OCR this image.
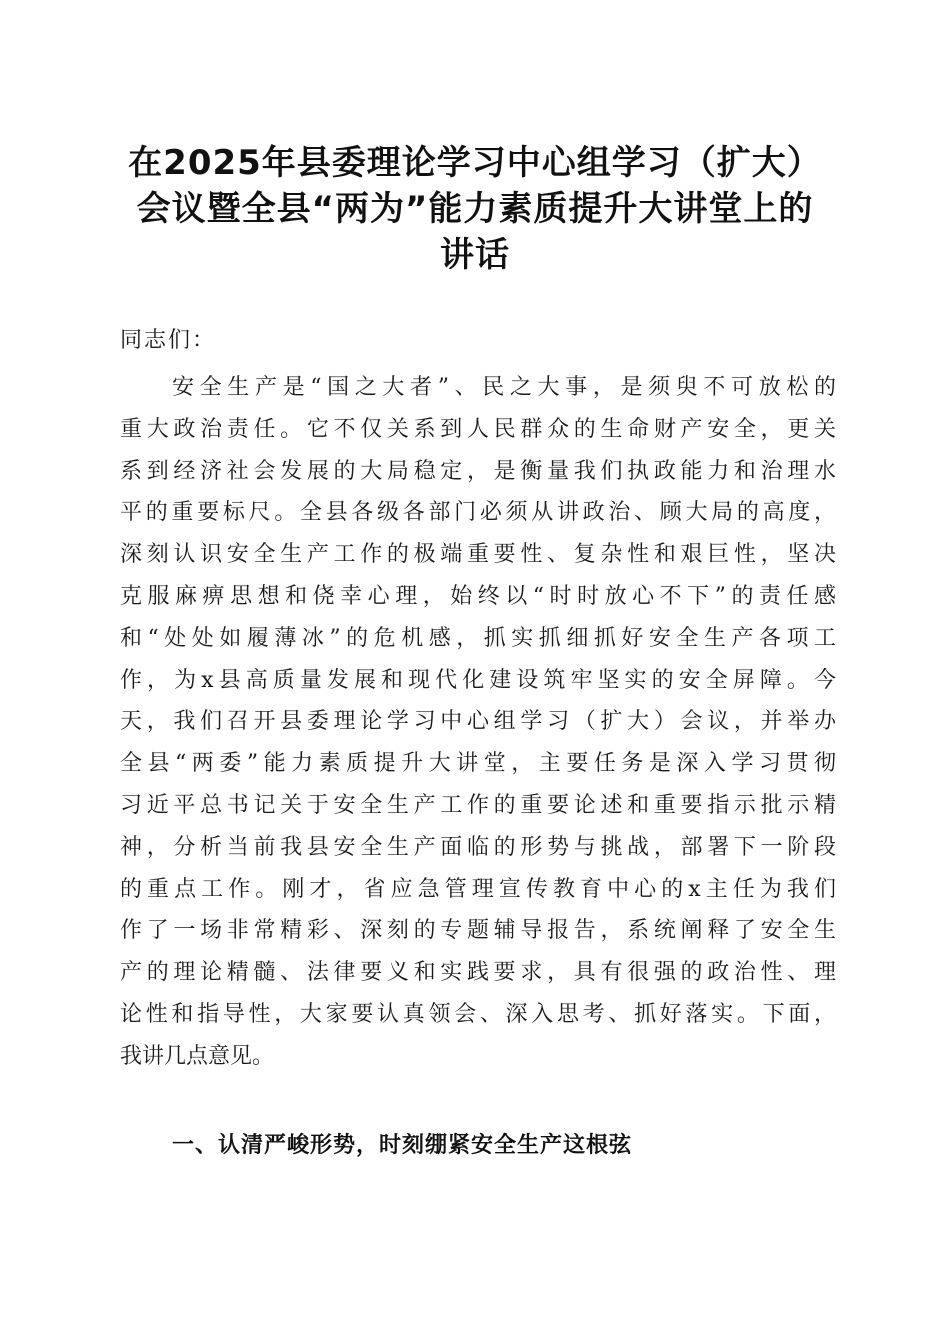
在2025年县委理论学习中心组学习（扩大）
会议暨全县“两为”能力素质提升大讲堂上的
讲话
同志们：
安全生产是“国之大者”、民之大事，是须臾不可放松的
重大政治责任。它不仅关系到人民群众的生命财产安全，更关
系到经济社会发展的大局稳定，是衡量我们执政能力和治理水
平的重要标尺。全县各级各部门必须从讲政治、顾大局的高度，
深刻认识安全生产工作的极端重要性、复杂性和艰巨性，坚决
克服麻痹思想和侥幸心理，始终以“时时放心不下”的责任感
和“处处如履薄冰”的危机感，抓实抓细抓好安全生产各项工
作，为x县高质量发展和现代化建设筑牢坚实的安全屏障。今
天，我们召开县委理论学习中心组学习（扩大）会议，并举办
全县“两委”能力素质提升大讲堂，主要任务是深入学习贯彻
习近平总书记关于安全生产工作的重要论述和重要指示批示精
神，分析当前我县安全生产面临的形势与挑战，部署下一阶段
的重点工作。刚才，省应急管理宣传教育中心的x主任为我们
作了一场非常精彩、深刻的专题辅导报告，系统阐释了安全生
产的理论精髓、法律要义和实践要求，具有很强的政治性、理
论性和指导性，大家要认真领会、深入思考、抓好落实。下面，
我讲几点意见。
一、认清严峻形势，时刻绷紧安全生产这根弦
